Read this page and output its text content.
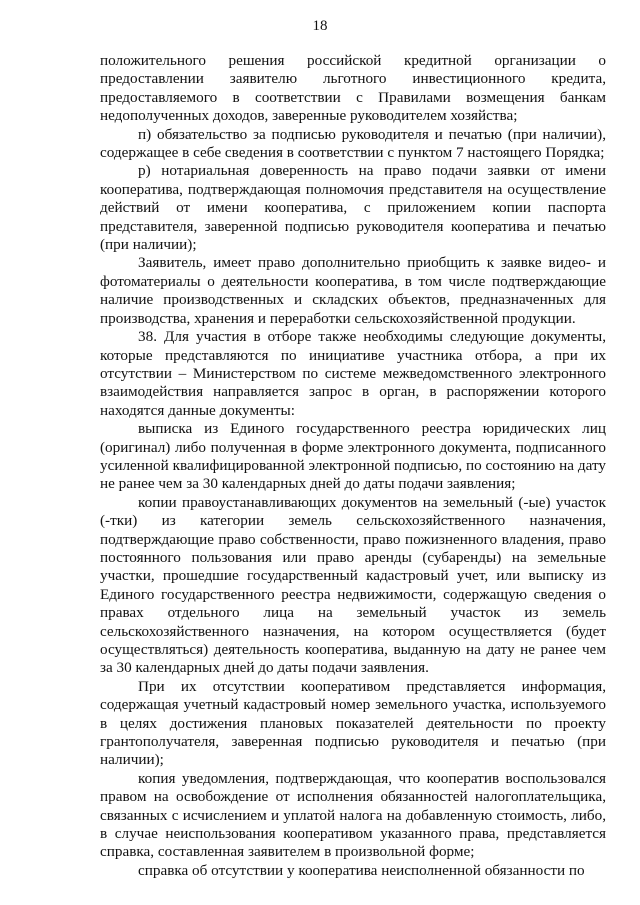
18

положительного решения российской кредитной организации о предоставлении заявителю льготного инвестиционного кредита, предоставляемого в соответствии с Правилами возмещения банкам недополученных доходов, заверенные руководителем хозяйства;

п) обязательство за подписью руководителя и печатью (при наличии), содержащее в себе сведения в соответствии с пунктом 7 настоящего Порядка;

р) нотариальная доверенность на право подачи заявки от имени кооператива, подтверждающая полномочия представителя на осуществление действий от имени кооператива, с приложением копии паспорта представителя, заверенной подписью руководителя кооператива и печатью (при наличии);

Заявитель, имеет право дополнительно приобщить к заявке видео- и фотоматериалы о деятельности кооператива, в том числе подтверждающие наличие производственных и складских объектов, предназначенных для производства, хранения и переработки сельскохозяйственной продукции.

38. Для участия в отборе также необходимы следующие документы, которые представляются по инициативе участника отбора, а при их отсутствии – Министерством по системе межведомственного электронного взаимодействия направляется запрос в орган, в распоряжении которого находятся данные документы:

выписка из Единого государственного реестра юридических лиц (оригинал) либо полученная в форме электронного документа, подписанного усиленной квалифицированной электронной подписью, по состоянию на дату не ранее чем за 30 календарных дней до даты подачи заявления;

копии правоустанавливающих документов на земельный (-ые) участок (-тки) из категории земель сельскохозяйственного назначения, подтверждающие право собственности, право пожизненного владения, право постоянного пользования или право аренды (субаренды) на земельные участки, прошедшие государственный кадастровый учет, или выписку из Единого государственного реестра недвижимости, содержащую сведения о правах отдельного лица на земельный участок из земель сельскохозяйственного назначения, на котором осуществляется (будет осуществляться) деятельность кооператива, выданную на дату не ранее чем за 30 календарных дней до даты подачи заявления.

При их отсутствии кооперативом представляется информация, содержащая учетный кадастровый номер земельного участка, используемого в целях достижения плановых показателей деятельности по проекту грантополучателя, заверенная подписью руководителя и печатью (при наличии);

копия уведомления, подтверждающая, что кооператив воспользовался правом на освобождение от исполнения обязанностей налогоплательщика, связанных с исчислением и уплатой налога на добавленную стоимость, либо, в случае неиспользования кооперативом указанного права, представляется справка, составленная заявителем в произвольной форме;

справка об отсутствии у кооператива неисполненной обязанности по
